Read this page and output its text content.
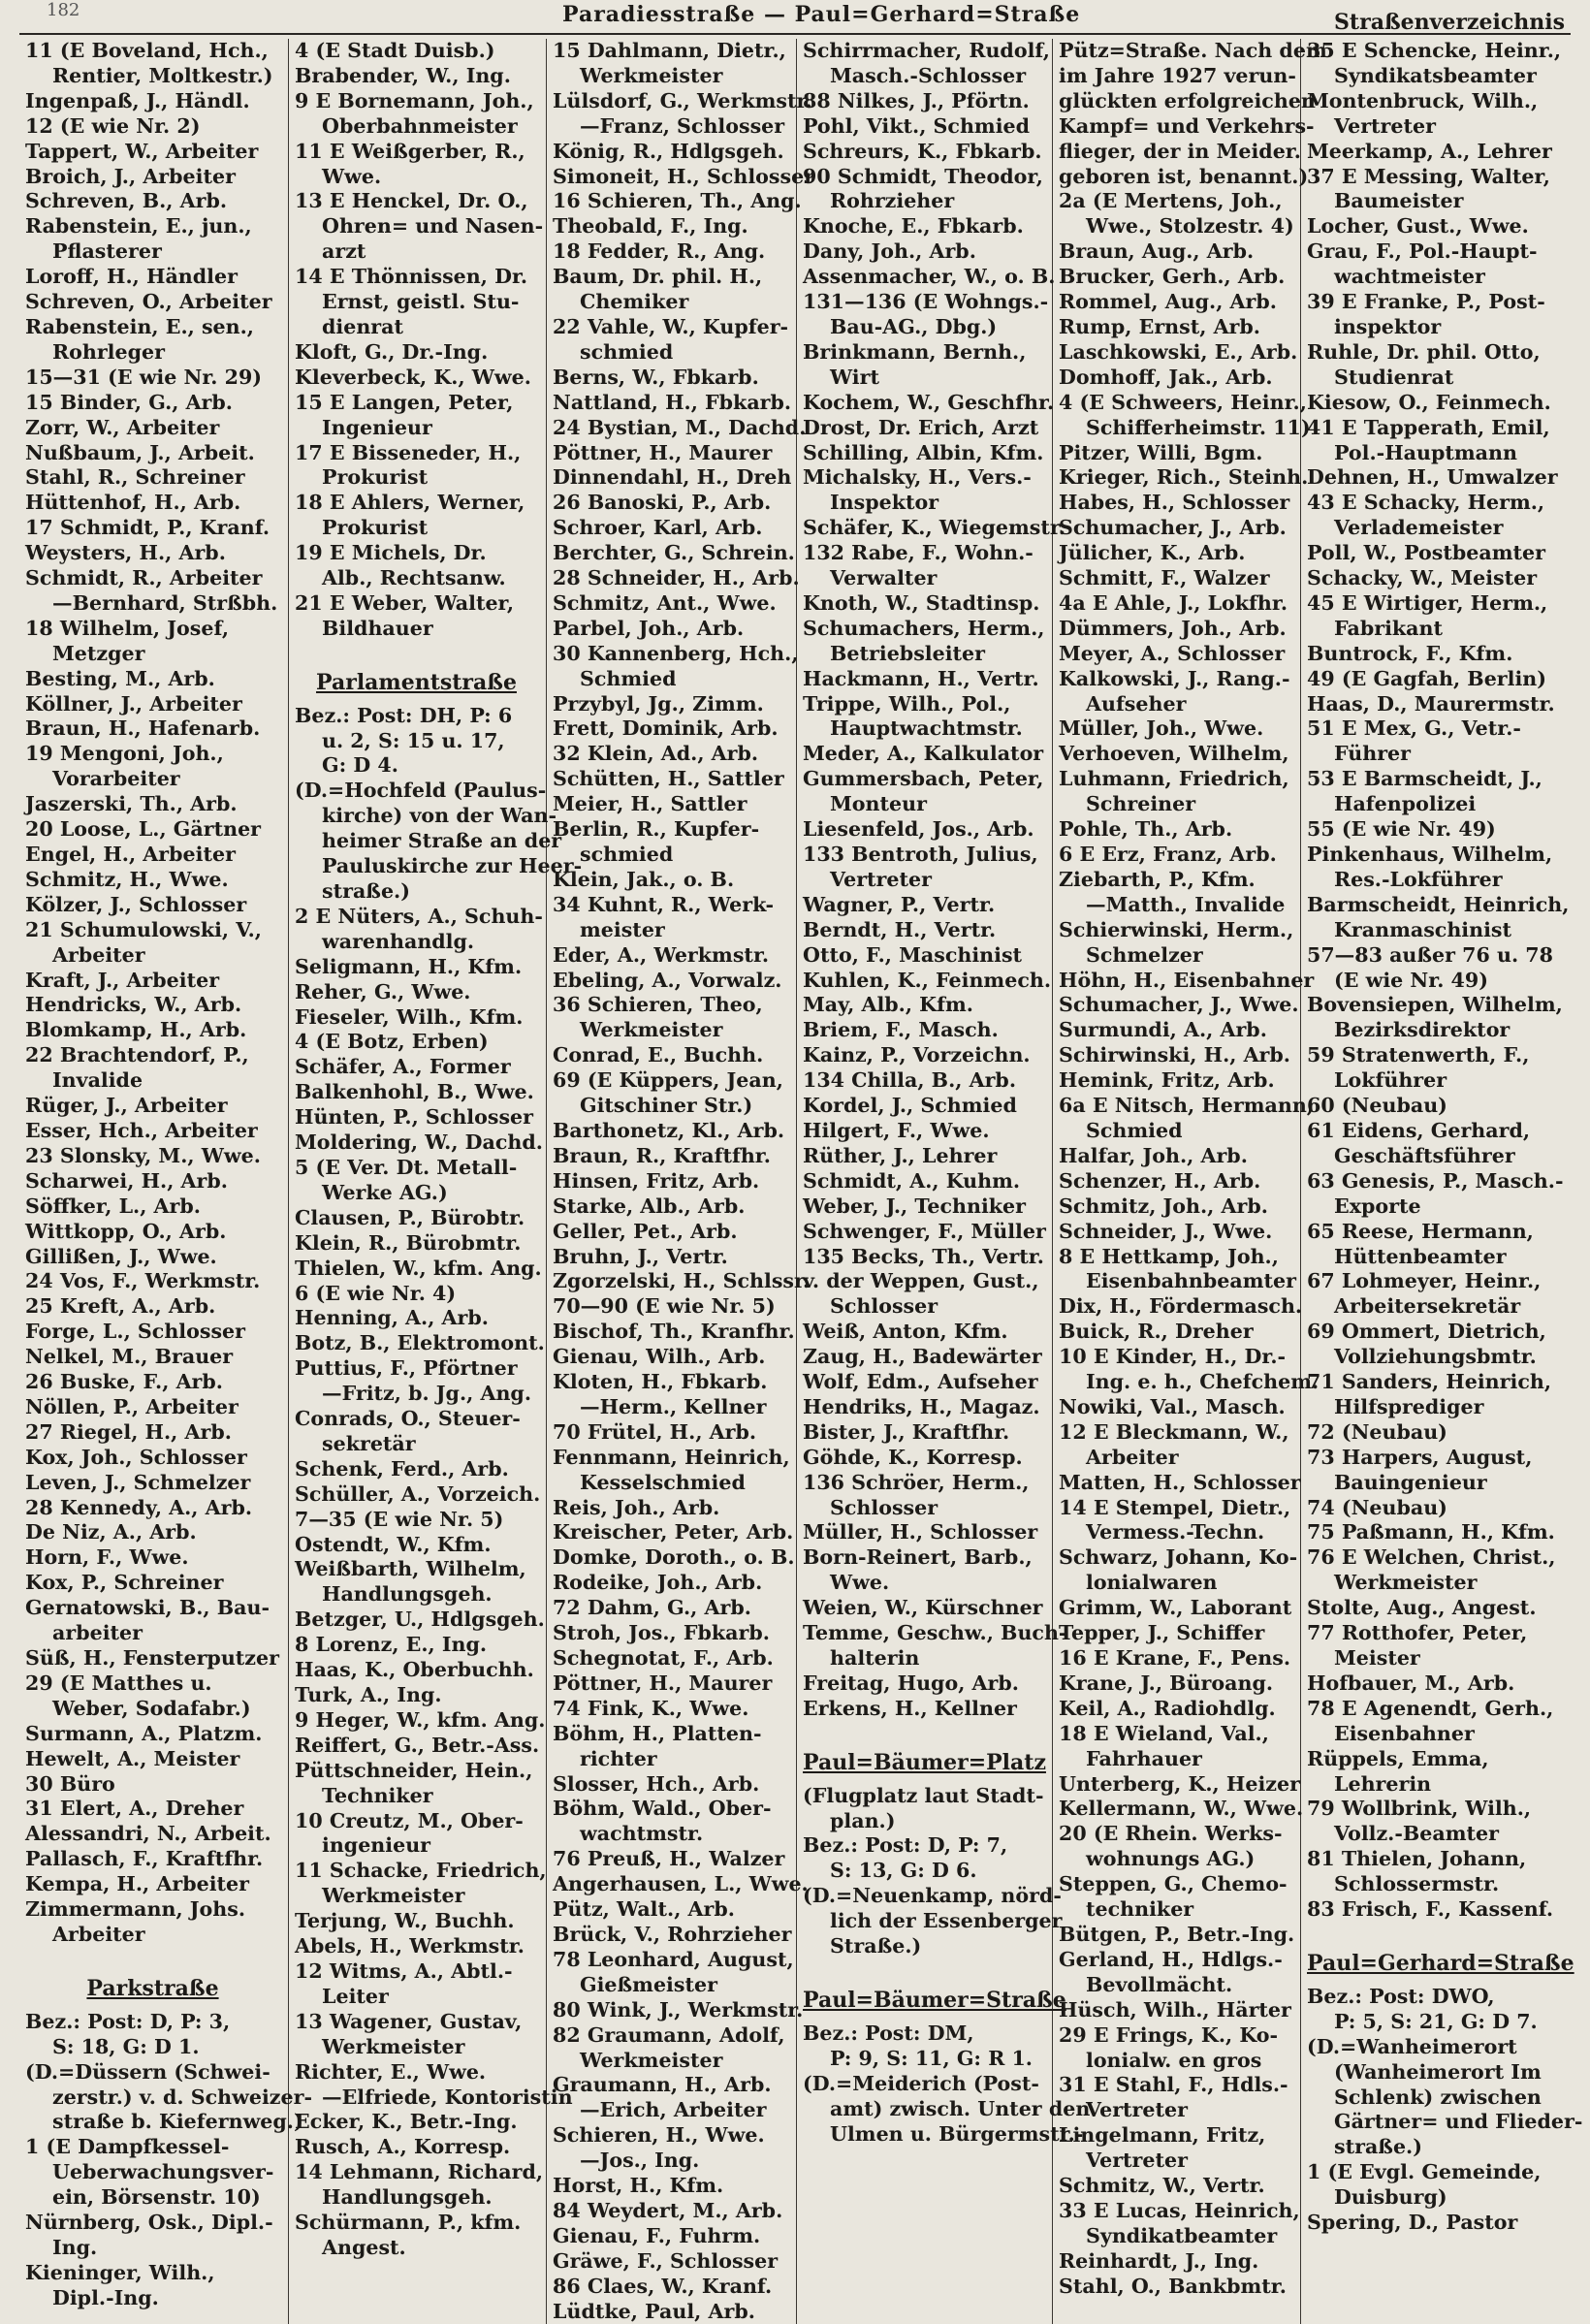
182	Paradiesstraße — Paul=Gerhard=Straße	Straßenverzeichnis
11 (E Boveland, Hch.,
Rentier, Moltkestr.)
Ingenpaß, J., Händl.
12 (E wie Nr. 2)
Tappert, W., Arbeiter
Broich, J., Arbeiter
Schreven, B., Arb.
Rabenstein, E., jun.,
Pflasterer
Loroff, H., Händler
Schreven, O., Arbeiter
Rabenstein, E., sen.,
Rohrleger
15—31 (E wie Nr. 29)
15 Binder, G., Arb.
Zorr, W., Arbeiter
Nußbaum, J., Arbeit.
Stahl, R., Schreiner
Hüttenhof, H., Arb.
17 Schmidt, P., Kranf.
Weysters, H., Arb.
Schmidt, R., Arbeiter
—Bernhard, Strßbh.
18 Wilhelm, Josef,
Metzger
Besting, M., Arb.
Köllner, J., Arbeiter
Braun, H., Hafenarb.
19 Mengoni, Joh.,
Vorarbeiter
Jaszerski, Th., Arb.
20 Loose, L., Gärtner
Engel, H., Arbeiter
Schmitz, H., Wwe.
Kölzer, J., Schlosser
21 Schumulowski, V.,
Arbeiter
Kraft, J., Arbeiter
Hendricks, W., Arb.
Blomkamp, H., Arb.
22 Brachtendorf, P.,
Invalide
Rüger, J., Arbeiter
Esser, Hch., Arbeiter
23 Slonsky, M., Wwe.
Scharwei, H., Arb.
Söffker, L., Arb.
Wittkopp, O., Arb.
Gillißen, J., Wwe.
24 Vos, F., Werkmstr.
25 Kreft, A., Arb.
Forge, L., Schlosser
Nelkel, M., Brauer
26 Buske, F., Arb.
Nöllen, P., Arbeiter
27 Riegel, H., Arb.
Kox, Joh., Schlosser
Leven, J., Schmelzer
28 Kennedy, A., Arb.
De Niz, A., Arb.
Horn, F., Wwe.
Kox, P., Schreiner
Gernatowski, B., Bau-
arbeiter
Süß, H., Fensterputzer
29 (E Matthes u.
Weber, Sodafabr.)
Surmann, A., Platzm.
Hewelt, A., Meister
30 Büro
31 Elert, A., Dreher
Alessandri, N., Arbeit.
Pallasch, F., Kraftfhr.
Kempa, H., Arbeiter
Zimmermann, Johs.
Arbeiter
Parkstraße
Bez.: Post: D, P: 3,
S: 18, G: D 1.
(D.=Düssern (Schwei-
zerstr.) v. d. Schweizer-
straße b. Kiefernweg.)
1 (E Dampfkessel-
Ueberwachungsver-
ein, Börsenstr. 10)
Nürnberg, Osk., Dipl.-
Ing.
Kieninger, Wilh.,
Dipl.-Ing.
4 (E Stadt Duisb.)
Brabender, W., Ing.
9 E Bornemann, Joh.,
Oberbahnmeister
11 E Weißgerber, R.,
Wwe.
13 E Henckel, Dr. O.,
Ohren= und Nasen-
arzt
14 E Thönnissen, Dr.
Ernst, geistl. Stu-
dienrat
Kloft, G., Dr.-Ing.
Kleverbeck, K., Wwe.
15 E Langen, Peter,
Ingenieur
17 E Bisseneder, H.,
Prokurist
18 E Ahlers, Werner,
Prokurist
19 E Michels, Dr.
Alb., Rechtsanw.
21 E Weber, Walter,
Bildhauer
Parlamentstraße
Bez.: Post: DH, P: 6
u. 2, S: 15 u. 17,
G: D 4.
(D.=Hochfeld (Paulus-
kirche) von der Wan-
heimer Straße an der
Pauluskirche zur Heer-
straße.)
2 E Nüters, A., Schuh-
warenhandlg.
Seligmann, H., Kfm.
Reher, G., Wwe.
Fieseler, Wilh., Kfm.
4 (E Botz, Erben)
Schäfer, A., Former
Balkenhohl, B., Wwe.
Hünten, P., Schlosser
Moldering, W., Dachd.
5 (E Ver. Dt. Metall-
Werke AG.)
Clausen, P., Bürobtr.
Klein, R., Bürobmtr.
Thielen, W., kfm. Ang.
6 (E wie Nr. 4)
Henning, A., Arb.
Botz, B., Elektromont.
Puttius, F., Pförtner
—Fritz, b. Jg., Ang.
Conrads, O., Steuer-
sekretär
Schenk, Ferd., Arb.
Schüller, A., Vorzeich.
7—35 (E wie Nr. 5)
Ostendt, W., Kfm.
Weißbarth, Wilhelm,
Handlungsgeh.
Betzger, U., Hdlgsgeh.
8 Lorenz, E., Ing.
Haas, K., Oberbuchh.
Turk, A., Ing.
9 Heger, W., kfm. Ang.
Reiffert, G., Betr.-Ass.
Püttschneider, Hein.,
Techniker
10 Creutz, M., Ober-
ingenieur
11 Schacke, Friedrich,
Werkmeister
Terjung, W., Buchh.
Abels, H., Werkmstr.
12 Witms, A., Abtl.-
Leiter
13 Wagener, Gustav,
Werkmeister
Richter, E., Wwe.
—Elfriede, Kontoristin
Ecker, K., Betr.-Ing.
Rusch, A., Korresp.
14 Lehmann, Richard,
Handlungsgeh.
Schürmann, P., kfm.
Angest.
15 Dahlmann, Dietr.,
Werkmeister
Lülsdorf, G., Werkmstr.
—Franz, Schlosser
König, R., Hdlgsgeh.
Simoneit, H., Schlosser
16 Schieren, Th., Ang.
Theobald, F., Ing.
18 Fedder, R., Ang.
Baum, Dr. phil. H.,
Chemiker
22 Vahle, W., Kupfer-
schmied
Berns, W., Fbkarb.
Nattland, H., Fbkarb.
24 Bystian, M., Dachd.
Pöttner, H., Maurer
Dinnendahl, H., Dreh
26 Banoski, P., Arb.
Schroer, Karl, Arb.
Berchter, G., Schrein.
28 Schneider, H., Arb.
Schmitz, Ant., Wwe.
Parbel, Joh., Arb.
30 Kannenberg, Hch.,
Schmied
Przybyl, Jg., Zimm.
Frett, Dominik, Arb.
32 Klein, Ad., Arb.
Schütten, H., Sattler
Meier, H., Sattler
Berlin, R., Kupfer-
schmied
Klein, Jak., o. B.
34 Kuhnt, R., Werk-
meister
Eder, A., Werkmstr.
Ebeling, A., Vorwalz.
36 Schieren, Theo,
Werkmeister
Conrad, E., Buchh.
69 (E Küppers, Jean,
Gitschiner Str.)
Barthonetz, Kl., Arb.
Braun, R., Kraftfhr.
Hinsen, Fritz, Arb.
Starke, Alb., Arb.
Geller, Pet., Arb.
Bruhn, J., Vertr.
Zgorzelski, H., Schlssr.
70—90 (E wie Nr. 5)
Bischof, Th., Kranfhr.
Gienau, Wilh., Arb.
Kloten, H., Fbkarb.
—Herm., Kellner
70 Frütel, H., Arb.
Fennmann, Heinrich,
Kesselschmied
Reis, Joh., Arb.
Kreischer, Peter, Arb.
Domke, Doroth., o. B.
Rodeike, Joh., Arb.
72 Dahm, G., Arb.
Stroh, Jos., Fbkarb.
Schegnotat, F., Arb.
Pöttner, H., Maurer
74 Fink, K., Wwe.
Böhm, H., Platten-
richter
Slosser, Hch., Arb.
Böhm, Wald., Ober-
wachtmstr.
76 Preuß, H., Walzer
Angerhausen, L., Wwe.
Pütz, Walt., Arb.
Brück, V., Rohrzieher
78 Leonhard, August,
Gießmeister
80 Wink, J., Werkmstr.
82 Graumann, Adolf,
Werkmeister
Graumann, H., Arb.
—Erich, Arbeiter
Schieren, H., Wwe.
—Jos., Ing.
Horst, H., Kfm.
84 Weydert, M., Arb.
Gienau, F., Fuhrm.
Gräwe, F., Schlosser
86 Claes, W., Kranf.
Lüdtke, Paul, Arb.
Schirrmacher, Rudolf,
Masch.-Schlosser
88 Nilkes, J., Pförtn.
Pohl, Vikt., Schmied
Schreurs, K., Fbkarb.
90 Schmidt, Theodor,
Rohrzieher
Knoche, E., Fbkarb.
Dany, Joh., Arb.
Assenmacher, W., o. B.
131—136 (E Wohngs.-
Bau-AG., Dbg.)
Brinkmann, Bernh.,
Wirt
Kochem, W., Geschfhr.
Drost, Dr. Erich, Arzt
Schilling, Albin, Kfm.
Michalsky, H., Vers.-
Inspektor
Schäfer, K., Wiegemstr.
132 Rabe, F., Wohn.-
Verwalter
Knoth, W., Stadtinsp.
Schumachers, Herm.,
Betriebsleiter
Hackmann, H., Vertr.
Trippe, Wilh., Pol.,
Hauptwachtmstr.
Meder, A., Kalkulator
Gummersbach, Peter,
Monteur
Liesenfeld, Jos., Arb.
133 Bentroth, Julius,
Vertreter
Wagner, P., Vertr.
Berndt, H., Vertr.
Otto, F., Maschinist
Kuhlen, K., Feinmech.
May, Alb., Kfm.
Briem, F., Masch.
Kainz, P., Vorzeichn.
134 Chilla, B., Arb.
Kordel, J., Schmied
Hilgert, F., Wwe.
Rüther, J., Lehrer
Schmidt, A., Kuhm.
Weber, J., Techniker
Schwenger, F., Müller
135 Becks, Th., Vertr.
v. der Weppen, Gust.,
Schlosser
Weiß, Anton, Kfm.
Zaug, H., Badewärter
Wolf, Edm., Aufseher
Hendriks, H., Magaz.
Bister, J., Kraftfhr.
Göhde, K., Korresp.
136 Schröer, Herm.,
Schlosser
Müller, H., Schlosser
Born-Reinert, Barb.,
Wwe.
Weien, W., Kürschner
Temme, Geschw., Buch-
halterin
Freitag, Hugo, Arb.
Erkens, H., Kellner
Paul=Bäumer=Platz
(Flugplatz laut Stadt-
plan.)
Bez.: Post: D, P: 7,
S: 13, G: D 6.
(D.=Neuenkamp, nörd-
lich der Essenberger
Straße.)
Paul=Bäumer=Straße
Bez.: Post: DM,
P: 9, S: 11, G: R 1.
(D.=Meiderich (Post-
amt) zwisch. Unter den
Ulmen u. Bürgermstr.-
Pütz=Straße. Nach dem
im Jahre 1927 verun-
glückten erfolgreichen
Kampf= und Verkehrs-
flieger, der in Meider.
geboren ist, benannt.)
2a (E Mertens, Joh.,
Wwe., Stolzestr. 4)
Braun, Aug., Arb.
Brucker, Gerh., Arb.
Rommel, Aug., Arb.
Rump, Ernst, Arb.
Laschkowski, E., Arb.
Domhoff, Jak., Arb.
4 (E Schweers, Heinr.,
Schifferheimstr. 11)
Pitzer, Willi, Bgm.
Krieger, Rich., Steinh.
Habes, H., Schlosser
Schumacher, J., Arb.
Jülicher, K., Arb.
Schmitt, F., Walzer
4a E Ahle, J., Lokfhr.
Dümmers, Joh., Arb.
Meyer, A., Schlosser
Kalkowski, J., Rang.-
Aufseher
Müller, Joh., Wwe.
Verhoeven, Wilhelm,
Luhmann, Friedrich,
Schreiner
Pohle, Th., Arb.
6 E Erz, Franz, Arb.
Ziebarth, P., Kfm.
—Matth., Invalide
Schierwinski, Herm.,
Schmelzer
Höhn, H., Eisenbahner
Schumacher, J., Wwe.
Surmundi, A., Arb.
Schirwinski, H., Arb.
Hemink, Fritz, Arb.
6a E Nitsch, Hermann,
Schmied
Halfar, Joh., Arb.
Schenzer, H., Arb.
Schmitz, Joh., Arb.
Schneider, J., Wwe.
8 E Hettkamp, Joh.,
Eisenbahnbeamter
Dix, H., Fördermasch.
Buick, R., Dreher
10 E Kinder, H., Dr.-
Ing. e. h., Chefchem.
Nowiki, Val., Masch.
12 E Bleckmann, W.,
Arbeiter
Matten, H., Schlosser
14 E Stempel, Dietr.,
Vermess.-Techn.
Schwarz, Johann, Ko-
lonialwaren
Grimm, W., Laborant
Tepper, J., Schiffer
16 E Krane, F., Pens.
Krane, J., Büroang.
Keil, A., Radiohdlg.
18 E Wieland, Val.,
Fahrhauer
Unterberg, K., Heizer
Kellermann, W., Wwe.
20 (E Rhein. Werks-
wohnungs AG.)
Steppen, G., Chemo-
techniker
Bütgen, P., Betr.-Ing.
Gerland, H., Hdlgs.-
Bevollmächt.
Hüsch, Wilh., Härter
29 E Frings, K., Ko-
lonialw. en gros
31 E Stahl, F., Hdls.-
Vertreter
Lingelmann, Fritz,
Vertreter
Schmitz, W., Vertr.
33 E Lucas, Heinrich,
Syndikatbeamter
Reinhardt, J., Ing.
Stahl, O., Bankbmtr.
35 E Schencke, Heinr.,
Syndikatsbeamter
Montenbruck, Wilh.,
Vertreter
Meerkamp, A., Lehrer
37 E Messing, Walter,
Baumeister
Locher, Gust., Wwe.
Grau, F., Pol.-Haupt-
wachtmeister
39 E Franke, P., Post-
inspektor
Ruhle, Dr. phil. Otto,
Studienrat
Kiesow, O., Feinmech.
41 E Tapperath, Emil,
Pol.-Hauptmann
Dehnen, H., Umwalzer
43 E Schacky, Herm.,
Verlademeister
Poll, W., Postbeamter
Schacky, W., Meister
45 E Wirtiger, Herm.,
Fabrikant
Buntrock, F., Kfm.
49 (E Gagfah, Berlin)
Haas, D., Maurermstr.
51 E Mex, G., Vetr.-
Führer
53 E Barmscheidt, J.,
Hafenpolizei
55 (E wie Nr. 49)
Pinkenhaus, Wilhelm,
Res.-Lokführer
Barmscheidt, Heinrich,
Kranmaschinist
57—83 außer 76 u. 78
(E wie Nr. 49)
Bovensiepen, Wilhelm,
Bezirksdirektor
59 Stratenwerth, F.,
Lokführer
60 (Neubau)
61 Eidens, Gerhard,
Geschäftsführer
63 Genesis, P., Masch.-
Exporte
65 Reese, Hermann,
Hüttenbeamter
67 Lohmeyer, Heinr.,
Arbeitersekretär
69 Ommert, Dietrich,
Vollziehungsbmtr.
71 Sanders, Heinrich,
Hilfsprediger
72 (Neubau)
73 Harpers, August,
Bauingenieur
74 (Neubau)
75 Paßmann, H., Kfm.
76 E Welchen, Christ.,
Werkmeister
Stolte, Aug., Angest.
77 Rotthofer, Peter,
Meister
Hofbauer, M., Arb.
78 E Agenendt, Gerh.,
Eisenbahner
Rüppels, Emma,
Lehrerin
79 Wollbrink, Wilh.,
Vollz.-Beamter
81 Thielen, Johann,
Schlossermstr.
83 Frisch, F., Kassenf.
Paul=Gerhard=Straße
Bez.: Post: DWO,
P: 5, S: 21, G: D 7.
(D.=Wanheimerort
(Wanheimerort Im
Schlenk) zwischen
Gärtner= und Flieder-
straße.)
1 (E Evgl. Gemeinde,
Duisburg)
Spering, D., Pastor
